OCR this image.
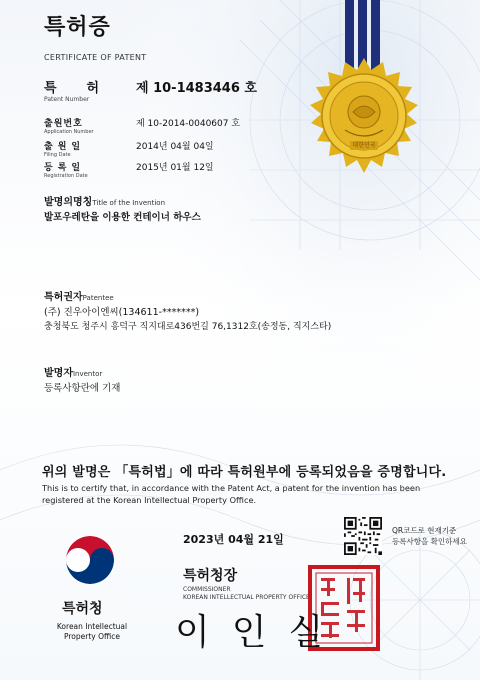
대한민국
특허증
CERTIFICATE OF PATENT
특허 제 10-1483446 호
Patent Number
출원번호
Application Number
제 10-2014-0040607 호
출원일
Filing Date
2014년 04월 04일
등록일
Registration Date
2015년 01월 12일
발명의명칭Title of the Invention
발포우레탄을 이용한 컨테이너 하우스
특허권자Patentee
(주) 진우아이엔씨(134611-*******)
충청북도 청주시 흥덕구 직지대로436번길 76,1312호(송정동, 직지스타)
발명자Inventor
등록사항란에 기재
위의 발명은 「특허법」에 따라 특허원부에 등록되었음을 증명합니다.
This is to certify that, in accordance with the Patent Act, a patent for the invention has been registered at the Korean Intellectual Property Office.
특허청
Korean Intellectual
Property Office
2023년 04월 21일
QR코드로 현재기준
등록사항을 확인하세요
특허청장
COMMISSIONER
KOREAN INTELLECTUAL PROPERTY OFFICE
이인실
